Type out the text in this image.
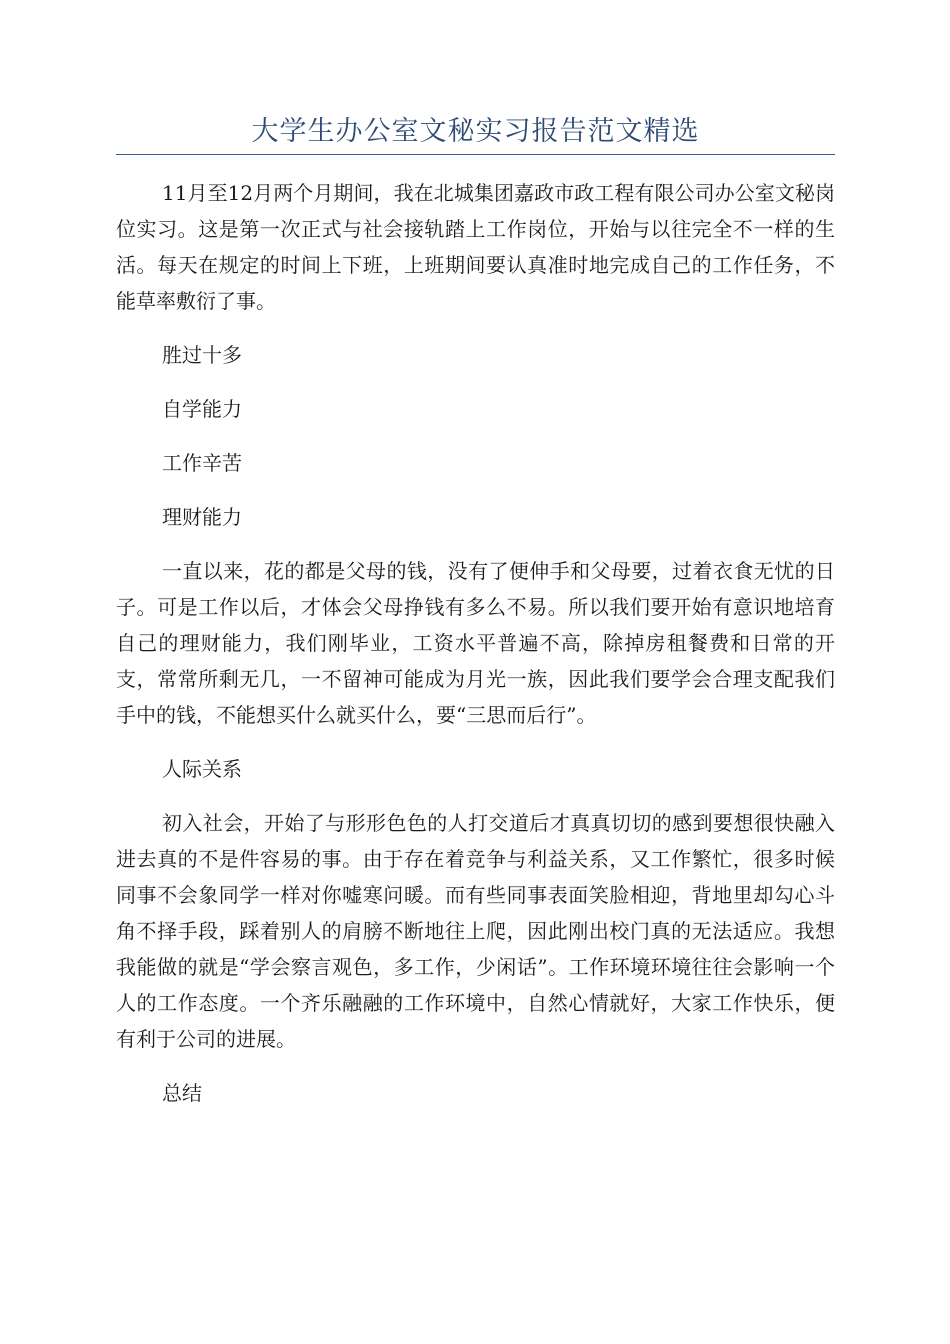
大学生办公室文秘实习报告范文精选

11月至12月两个月期间，我在北城集团嘉政市政工程有限公司办公室文秘岗位实习。这是第一次正式与社会接轨踏上工作岗位，开始与以往完全不一样的生活。每天在规定的时间上下班，上班期间要认真准时地完成自己的工作任务，不能草率敷衍了事。

胜过十多

自学能力

工作辛苦

理财能力

一直以来，花的都是父母的钱，没有了便伸手和父母要，过着衣食无忧的日子。可是工作以后，才体会父母挣钱有多么不易。所以我们要开始有意识地培育自己的理财能力，我们刚毕业，工资水平普遍不高，除掉房租餐费和日常的开支，常常所剩无几，一不留神可能成为月光一族，因此我们要学会合理支配我们手中的钱，不能想买什么就买什么，要“三思而后行”。

人际关系

初入社会，开始了与形形色色的人打交道后才真真切切的感到要想很快融入进去真的不是件容易的事。由于存在着竞争与利益关系，又工作繁忙，很多时候同事不会象同学一样对你嘘寒问暖。而有些同事表面笑脸相迎，背地里却勾心斗角不择手段，踩着别人的肩膀不断地往上爬，因此刚出校门真的无法适应。我想我能做的就是“学会察言观色，多工作，少闲话”。工作环境环境往往会影响一个人的工作态度。一个齐乐融融的工作环境中，自然心情就好，大家工作快乐，便有利于公司的进展。

总结
